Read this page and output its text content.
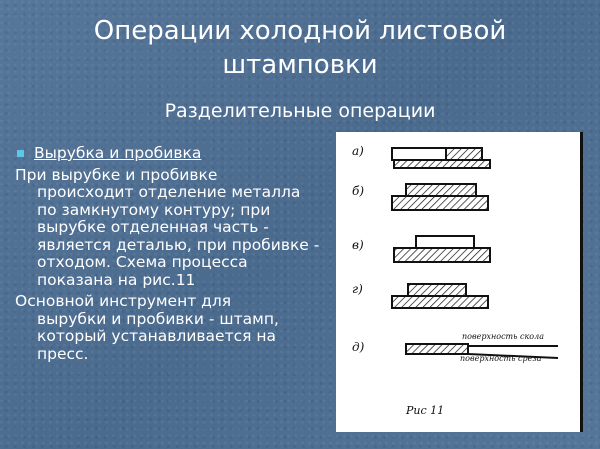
Операции холодной листовой
штамповки
Разделительные операции
Вырубка и пробивка

При вырубке и пробивке
происходит отделение металла по замкнутому контуру; при вырубке отделенная часть - является деталью, при пробивке - отходом. Схема процесса показана на рис.11

Основной инструмент для
вырубки и пробивки - штамп, который устанавливается на пресс.

а)
б)
в)
г)
д)
поверхность скола
поверхность среза
Рис 11
